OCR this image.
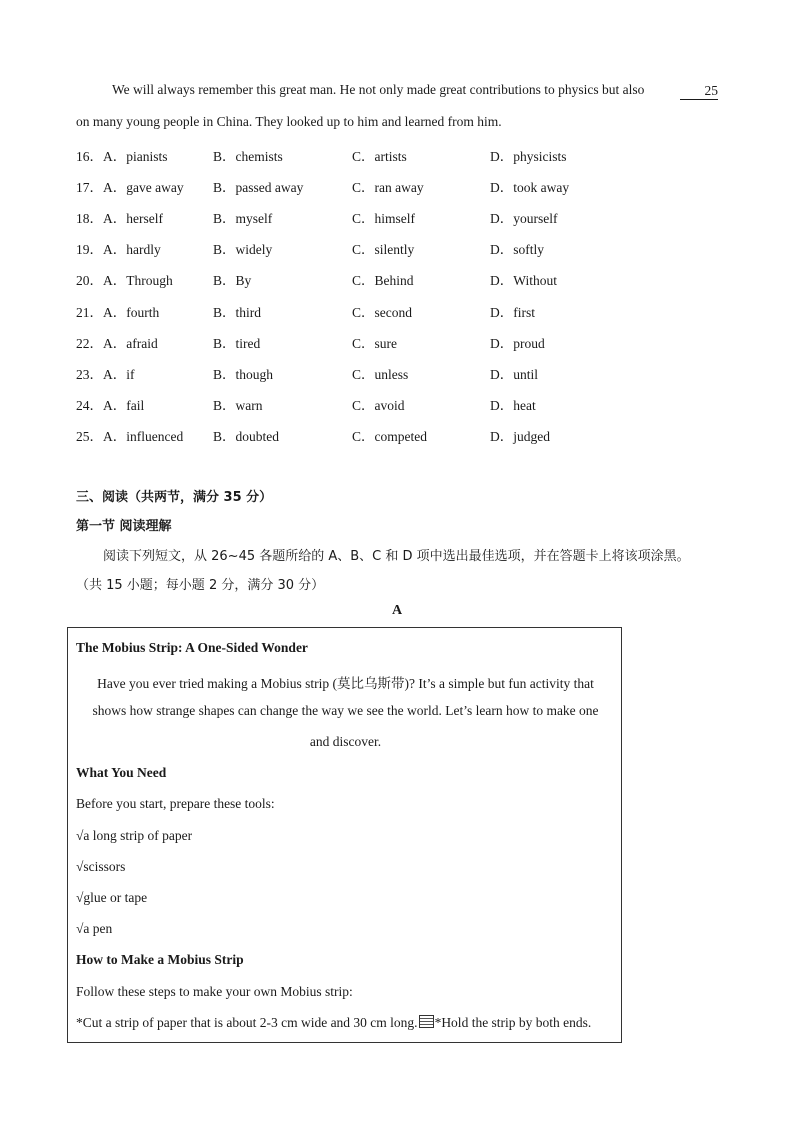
We will always remember this great man. He not only made great contributions to physics but also	25
on many young people in China. They looked up to him and learned from him.
16．A．pianists	B．chemists	C．artists	D．physicists
17．A．gave away B．passed away	C．ran away	D．took away
18．A．herself	B．myself	C．himself	D．yourself
19．A．hardly	B．widely	C．silently	D．softly
20．A．Through	B．By	C．Behind	D．Without
21．A．fourth	B．third	C．second	D．first
22．A．afraid	B．tired	C．sure	D．proud
23．A．if	B．though	C．unless	D．until
24．A．fail	B．warn	C．avoid	D．heat
25．A．influenced B．doubted	C．competed	D．judged
三、阅读（共两节，满分 35 分）
第一节 阅读理解
阅读下列短文，从 26~45 各题所给的 A、B、C 和 D 项中选出最佳选项，并在答题卡上将该项涂黑。
（共 15 小题；每小题 2 分，满分 30 分）
A
The Mobius Strip: A One-Sided Wonder
Have you ever tried making a Mobius strip (莫比乌斯带)? It’s a simple but fun activity that
shows how strange shapes can change the way we see the world. Let’s learn how to make one
and discover.
What You Need
Before you start, prepare these tools:
√a long strip of paper
√scissors
√glue or tape
√a pen
How to Make a Mobius Strip
Follow these steps to make your own Mobius strip:
*Cut a strip of paper that is about 2-3 cm wide and 30 cm long. *Hold the strip by both ends.
